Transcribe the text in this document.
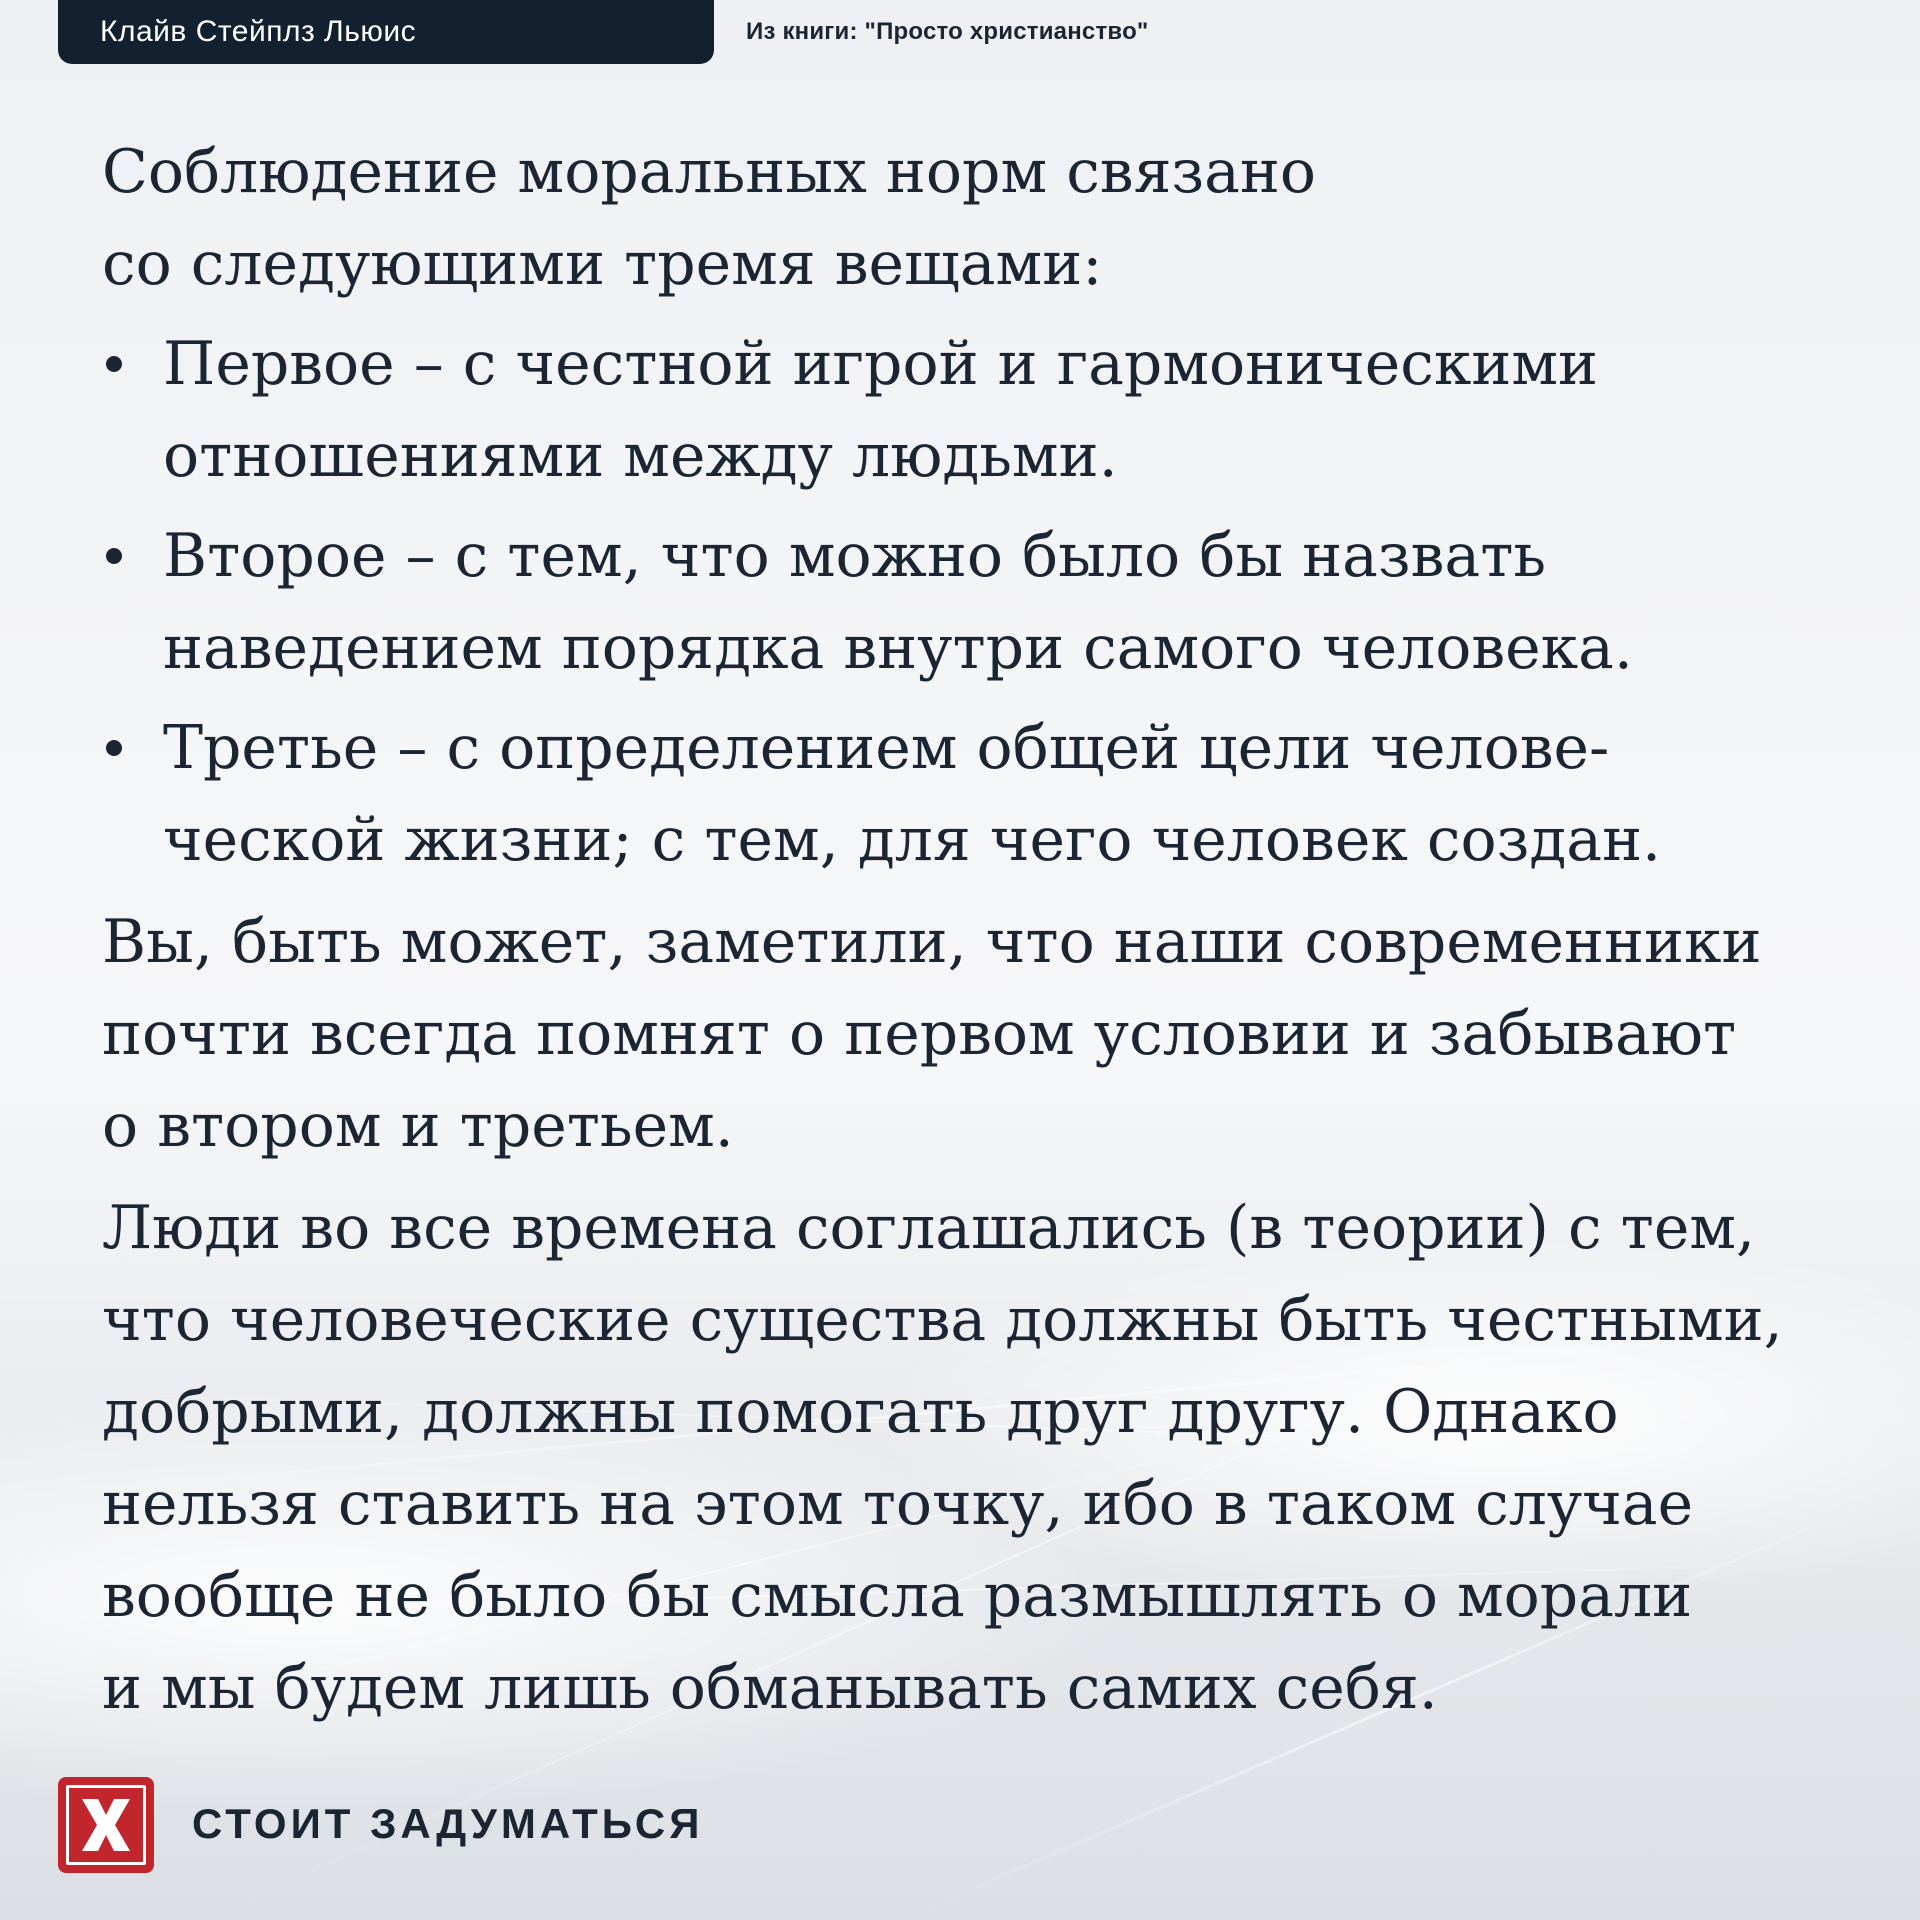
Клайв Стейплз Льюис	Из книги: "Просто христианство"

Соблюдение моральных норм связано
со следующими тремя вещами:

Первое – с честной игрой и гармоническими
отношениями между людьми.
Второе – с тем, что можно было бы назвать
наведением порядка внутри самого человека.
Третье – с определением общей цели челове-
ческой жизни; с тем, для чего человек создан.

Вы, быть может, заметили, что наши современники
почти всегда помнят о первом условии и забывают
о втором и третьем.

Люди во все времена соглашались (в теории) с тем,
что человеческие существа должны быть честными,
добрыми, должны помогать друг другу. Однако
нельзя ставить на этом точку, ибо в таком случае
вообще не было бы смысла размышлять о морали
и мы будем лишь обманывать самих себя.

СТОИТ ЗАДУМАТЬСЯ
